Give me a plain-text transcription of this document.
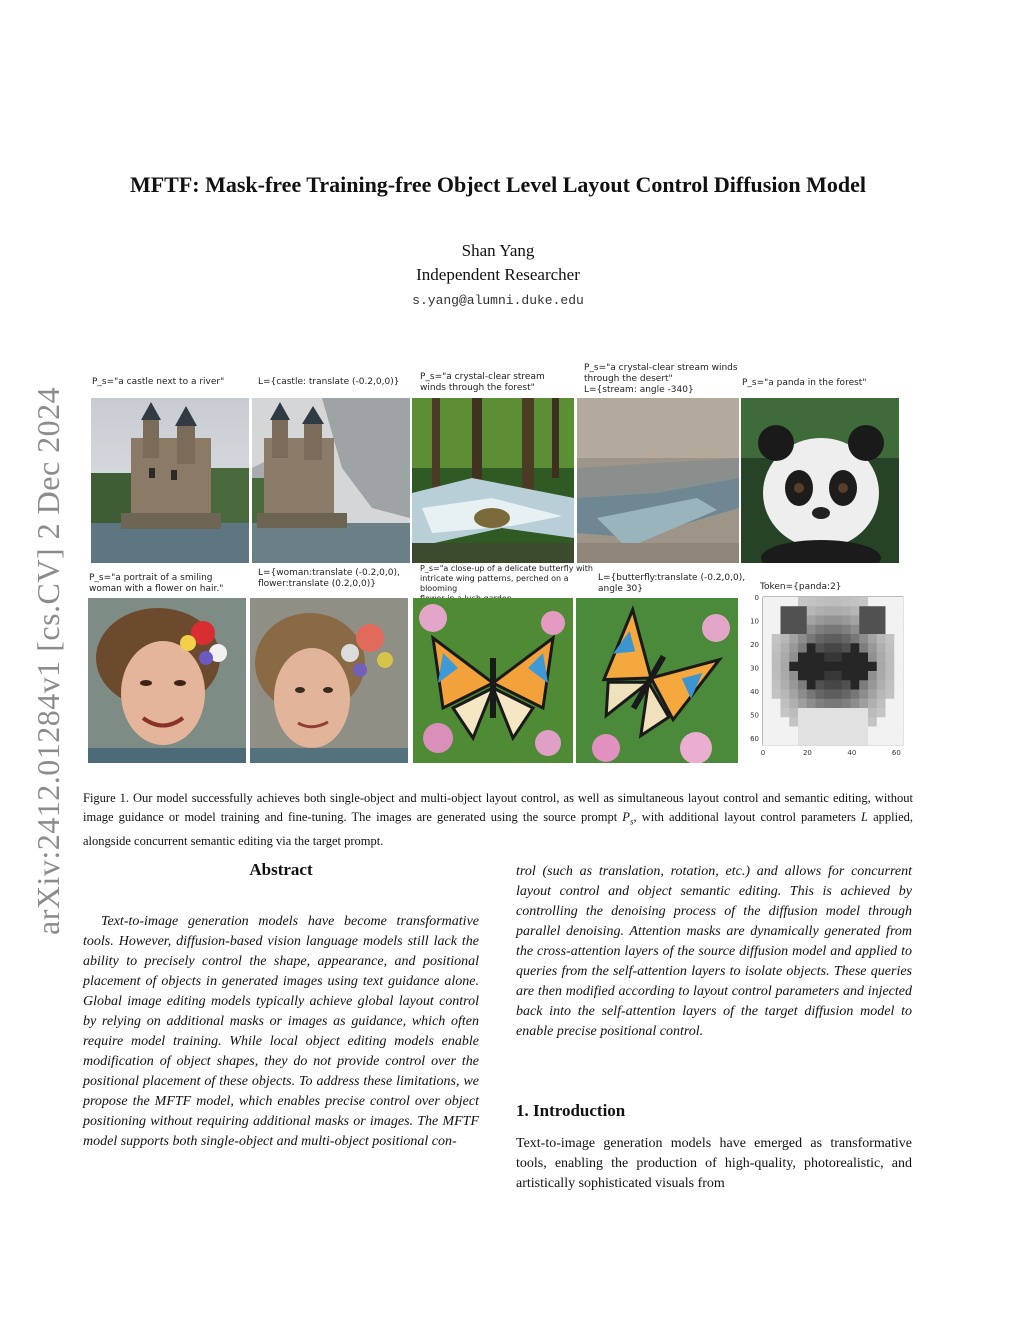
arXiv:2412.01284v1 [cs.CV] 2 Dec 2024
MFTF: Mask-free Training-free Object Level Layout Control Diffusion Model
Shan Yang
Independent Researcher
s.yang@alumni.duke.edu
P_s="a castle next to a river"	L={castle: translate (-0.2,0,0)}	P_s="a crystal-clear stream
winds through the forest"
P_s="a crystal-clear stream winds
through the desert"
L={stream: angle -340}
P_s="a panda in the forest"
P_s="a portrait of a smiling
woman with a flower on hair."
L={woman:translate (-0.2,0,0),
flower:translate (0.2,0,0)}
P_s="a close-up of a delicate butterfly with
intricate wing patterns, perched on a blooming

L={butterfly:translate (-0.2,0,0),
angle 30}	Token={panda:2}
0
10
20
30
40
50
60
0	20	40	60
Figure 1. Our model successfully achieves both single-object and multi-object layout control, as well as simultaneous layout control and semantic editing, without image guidance or model training and fine-tuning. The images are generated using the source prompt $P_s$, with additional layout control parameters L applied, alongside concurrent semantic editing via the target prompt.
Abstract
Text-to-image generation models have become transformative tools. However, diffusion-based vision language models still lack the ability to precisely control the shape, appearance, and positional placement of objects in generated images using text guidance alone. Global image editing models typically achieve global layout control by relying on additional masks or images as guidance, which often require model training. While local object editing models enable modification of object shapes, they do not provide control over the positional placement of these objects. To address these limitations, we propose the MFTF model, which enables precise control over object positioning without requiring additional masks or images. The MFTF model supports both single-object and multi-object positional con-
trol (such as translation, rotation, etc.) and allows for concurrent layout control and object semantic editing. This is achieved by controlling the denoising process of the diffusion model through parallel denoising. Attention masks are dynamically generated from the cross-attention layers of the source diffusion model and applied to queries from the self-attention layers to isolate objects. These queries are then modified according to layout control parameters and injected back into the self-attention layers of the target diffusion model to enable precise positional control.
1. Introduction
Text-to-image generation models have emerged as transformative tools, enabling the production of high-quality, photorealistic, and artistically sophisticated visuals from
